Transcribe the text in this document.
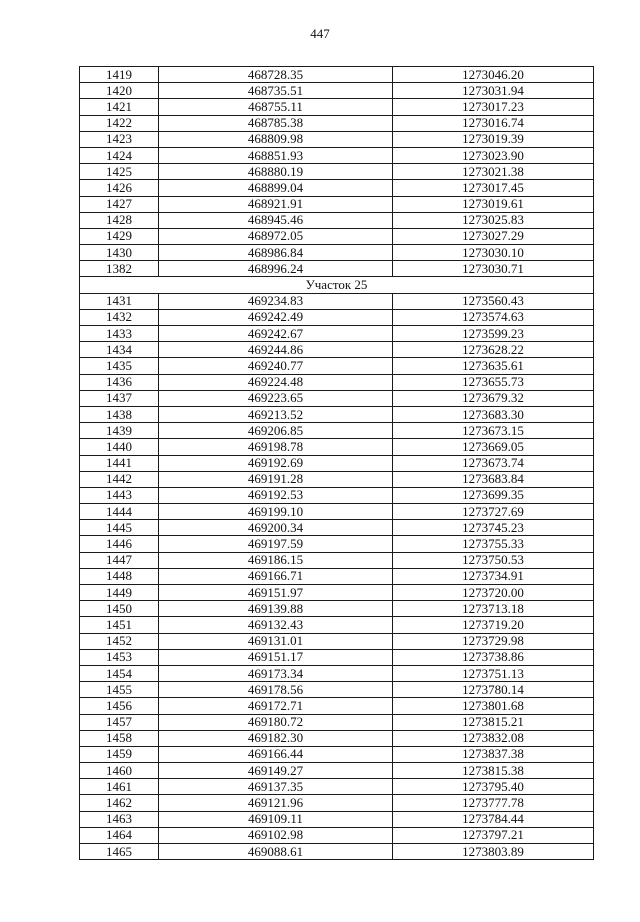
447
1419	468728.35	1273046.20
1420	468735.51	1273031.94
1421	468755.11	1273017.23
1422	468785.38	1273016.74
1423	468809.98	1273019.39
1424	468851.93	1273023.90
1425	468880.19	1273021.38
1426	468899.04	1273017.45
1427	468921.91	1273019.61
1428	468945.46	1273025.83
1429	468972.05	1273027.29
1430	468986.84	1273030.10
1382	468996.24	1273030.71
Участок 25		
1431	469234.83	1273560.43
1432	469242.49	1273574.63
1433	469242.67	1273599.23
1434	469244.86	1273628.22
1435	469240.77	1273635.61
1436	469224.48	1273655.73
1437	469223.65	1273679.32
1438	469213.52	1273683.30
1439	469206.85	1273673.15
1440	469198.78	1273669.05
1441	469192.69	1273673.74
1442	469191.28	1273683.84
1443	469192.53	1273699.35
1444	469199.10	1273727.69
1445	469200.34	1273745.23
1446	469197.59	1273755.33
1447	469186.15	1273750.53
1448	469166.71	1273734.91
1449	469151.97	1273720.00
1450	469139.88	1273713.18
1451	469132.43	1273719.20
1452	469131.01	1273729.98
1453	469151.17	1273738.86
1454	469173.34	1273751.13
1455	469178.56	1273780.14
1456	469172.71	1273801.68
1457	469180.72	1273815.21
1458	469182.30	1273832.08
1459	469166.44	1273837.38
1460	469149.27	1273815.38
1461	469137.35	1273795.40
1462	469121.96	1273777.78
1463	469109.11	1273784.44
1464	469102.98	1273797.21
1465	469088.61	1273803.89
